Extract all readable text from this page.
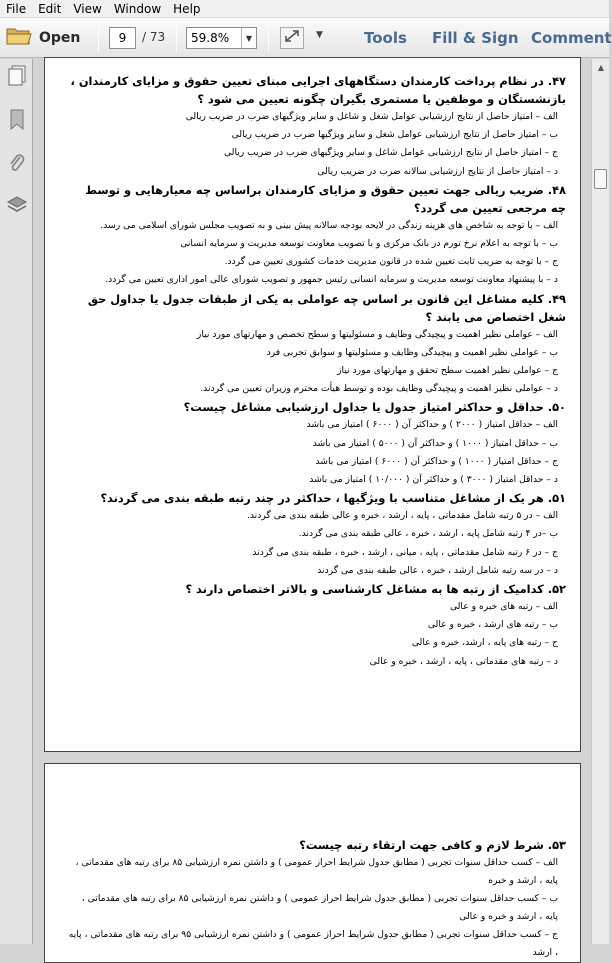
File	Edit	View	Window	Help
Open	9	/ 73	59.8%	▼	▼	Tools Fill & Sign Comment
۴۷. در نظام پرداخت کارمندان دستگاههای اجرایی مبنای تعیین حقوق و مزایای کارمندان ، بازنشستگان و موظفین یا مستمری بگیران چگونه تعیین می شود ؟
الف – امتیاز حاصل از نتایج ارزشیابی عوامل شغل و شاغل و سایر ویژگیهای ضرب در ضریب ریالی
ب – امتیاز حاصل از نتایج ارزشیابی عوامل شغل و سایر ویژگیها ضرب در ضریب ریالی
ج – امتیاز حاصل از نتایج ارزشیابی عوامل شاغل و سایر ویژگیهای ضرب در ضریب ریالی
د – امتیاز حاصل از نتایج ارزشیابی سالانه ضرب در ضریب ریالی
۴۸. ضریب ریالی جهت تعیین حقوق و مزایای کارمندان براساس چه معیارهایی و توسط چه مرجعی تعیین می گردد؟
الف – با توجه به شاخص های هزینه زندگی در لایحه بودجه سالانه پیش بینی و به تصویب مجلس شورای اسلامی می رسد.
ب – با توجه به اعلام نرخ تورم در بانک مرکزی و با تصویب معاونت توسعه مدیریت و سرمایه انسانی
ج – با توجه به ضریب ثابت تعیین شده در قانون مدیریت خدمات کشوری تعیین می گردد.
د – با پیشنهاد معاونت توسعه مدیریت و سرمایه انسانی رئیس جمهور و تصویب شورای عالی امور اداری تعیین می گردد.
۴۹. کلیه مشاغل این قانون بر اساس چه عواملی به یکی از طبقات جدول یا جداول حق شغل اختصاص می یابند ؟
الف – عواملی نظیر اهمیت و پیچیدگی وظایف و مسئولیتها و سطح تخصص و مهارتهای مورد نیاز
ب – عواملی نظیر اهمیت و پیچیدگی وظایف و مسئولیتها و سوابق تجربی فرد
ج – عواملی نظیر اهمیت سطح تحقق و مهارتهای مورد نیاز
د – عواملی نظیر اهمیت و پیچیدگی وظایف بوده و توسط هیأت محترم وزیران تعیین می گردند.
۵۰. حداقل و حداکثر امتیاز جدول یا جداول ارزشیابی مشاغل چیست؟
الف – حداقل امتیاز ( ۲۰۰۰ ) و حداکثر آن ( ۶۰۰۰ ) امتیاز می باشد
ب – حداقل امتیاز ( ۱۰۰۰ ) و حداکثر آن ( ۵۰۰۰ ) امتیاز می باشد
ج – حداقل امتیاز ( ۱۰۰۰ ) و حداکثر آن ( ۶۰۰۰ ) امتیاز می باشد
د – حداقل امتیاز ( ۳۰۰۰ ) و حداکثر آن ( ۱۰/۰۰۰ ) امتیاز می باشد
۵۱. هر یک از مشاغل متناسب با ویژگیها ، حداکثر در چند رتبه طبقه بندی می گردند؟
الف – در ۵ رتبه شامل مقدماتی ، پایه ، ارشد ، خبره و عالی طبقه بندی می گردند.
ب –در ۴ رتبه شامل پایه ، ارشد ، خبره ، عالی طبقه بندی می گردند.
ج – در ۶ رتبه شامل مقدماتی ، پایه ، میانی ، ارشد ، خبره ، طبقه بندی می گردند
د – در سه رتبه شامل ارشد ، خبره ، عالی طبقه بندی می گردند
۵۲. کدامیک از رتبه ها به مشاغل کارشناسی و بالاتر اختصاص دارند ؟
الف – رتبه های خبره و عالی
ب – رتبه های ارشد ، خبره و عالی
ج – رتبه های پایه ، ارشد، خبره و عالی
د – رتبه های مقدماتی ، پایه ، ارشد ، خبره و عالی
۵۳. شرط لازم و کافی جهت ارتقاء رتبه چیست؟
الف – کسب حداقل سنوات تجربی ( مطابق جدول شرایط احراز عمومی ) و داشتن نمره ارزشیابی ۸۵ برای رتبه های مقدماتی ، پایه ، ارشد و خبره
ب – کسب حداقل سنوات تجربی ( مطابق جدول شرایط احراز عمومی ) و داشتن نمره ارزشیابی ۸۵ برای رتبه های مقدماتی ، پایه ، ارشد و خبره و عالی
ج – کسب حداقل سنوات تجربی ( مطابق جدول شرایط احراز عمومی ) و داشتن نمره ارزشیابی ۹۵ برای رتبه های مقدماتی ، پایه ، ارشد
▲
